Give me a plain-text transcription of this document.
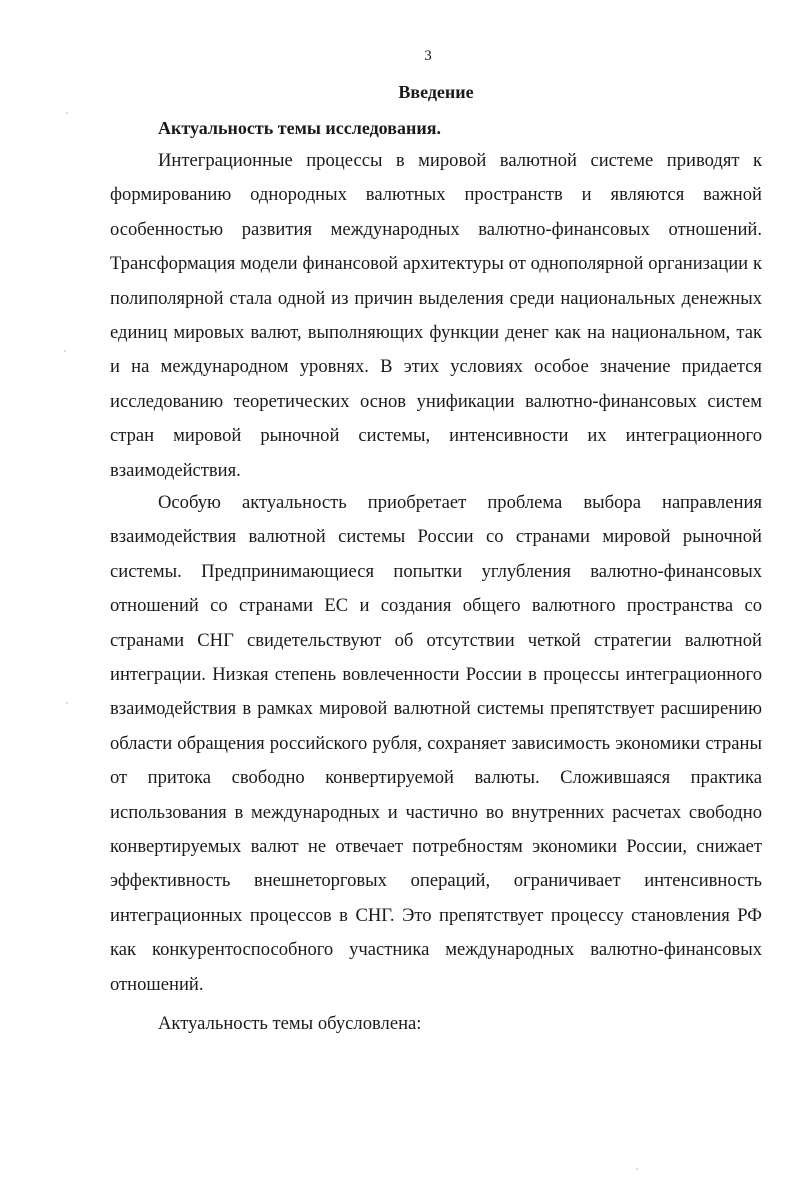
3
Введение
Актуальность темы исследования.

Интеграционные процессы в мировой валютной системе приводят к формированию однородных валютных пространств и являются важной особенностью развития международных валютно-финансовых отношений. Трансформация модели финансовой архитектуры от однополярной организации к полиполярной стала одной из причин выделения среди национальных денежных единиц мировых валют, выполняющих функции денег как на национальном, так и на международном уровнях. В этих условиях особое значение придается исследованию теоретических основ унификации валютно-финансовых систем стран мировой рыночной системы, интенсивности их интеграционного взаимодействия.

Особую актуальность приобретает проблема выбора направления взаимодействия валютной системы России со странами мировой рыночной системы. Предпринимающиеся попытки углубления валютно-финансовых отношений со странами ЕС и создания общего валютного пространства со странами СНГ свидетельствуют об отсутствии четкой стратегии валютной интеграции. Низкая степень вовлеченности России в процессы интеграционного взаимодействия в рамках мировой валютной системы препятствует расширению области обращения российского рубля, сохраняет зависимость экономики страны от притока свободно конвертируемой валюты. Сложившаяся практика использования в международных и частично во внутренних расчетах свободно конвертируемых валют не отвечает потребностям экономики России, снижает эффективность внешнеторговых операций, ограничивает интенсивность интеграционных процессов в СНГ. Это препятствует процессу становления РФ как конкурентоспособного участника международных валютно-финансовых отношений.

Актуальность темы обусловлена:
